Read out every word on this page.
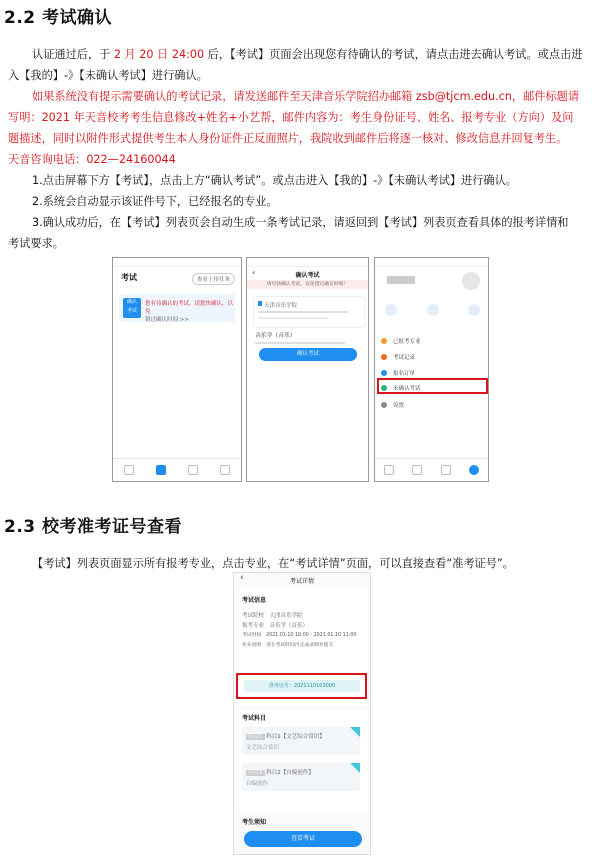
2.2 考试确认
认证通过后，于 2 月 20 日 24:00 后，【考试】页面会出现您有待确认的考试，请点击进去确认考试。或点击进
入【我的】-》【未确认考试】进行确认。
如果系统没有提示需要确认的考试记录，请发送邮件至天津音乐学院招办邮箱 zsb@tjcm.edu.cn，邮件标题请
写明：2021 年天音校考考生信息修改+姓名+小艺帮，邮件内容为：考生身份证号、姓名、报考专业（方向）及问
题描述，同时以附件形式提供考生本人身份证件正反面照片，我院收到邮件后将逐一核对、修改信息并回复考生。
天音咨询电话：022—24160044
1.点击屏幕下方【考试】，点击上方“确认考试”。或点击进入【我的】-》【未确认考试】进行确认。
2.系统会自动显示该证件号下，已经报名的专业。
3.确认成功后，在【考试】列表页会自动生成一条考试记录，请返回到【考试】列表页查看具体的报考详情和
考试要求。
考试	查看上传任务
确认
考试
您有待确认的考试，请您快确认，以免
错过确认时间 >>
‹	确认考试
请尽快确认考试，以免错过确认时间！
天津音乐学院
音乐学（音乐）
确认考试
已报考专业
考试记录
报名订单
未确认考试
设置
2.3 校考准考证号查看
【考试】列表页面显示所有报考专业，点击专业，在“考试详情”页面，可以直接查看“准考证号”。
‹	考试详情
考试信息
考试院校　 天津音乐学院
报考专业　 音乐学（音乐）
考试时间　 2021.01.10 10:00 - 2021.01.10 11:00
补充说明　 请在考试时间内完成录制并提交
准考证号：2021110103000
考试科目
科目1 科目1【文艺综合常识】
文艺综合常识
科目2 科目2【自编创作】
自编创作
考生须知
查看考试
